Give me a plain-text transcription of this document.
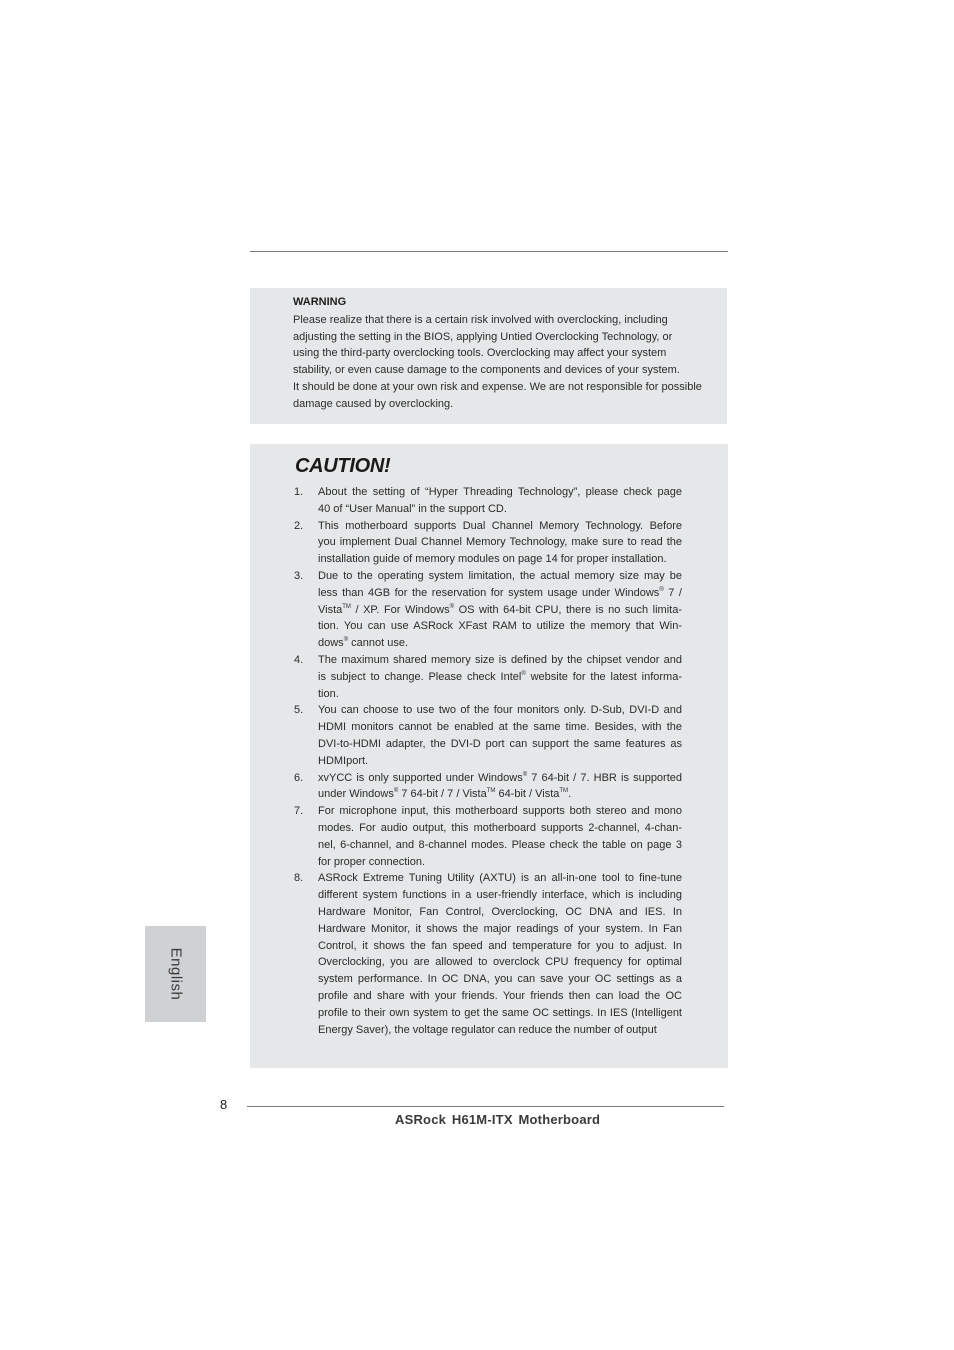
WARNING
Please realize that there is a certain risk involved with overclocking, including
adjusting the setting in the BIOS, applying Untied Overclocking Technology, or
using the third-party overclocking tools. Overclocking may affect your system
stability, or even cause damage to the components and devices of your system.
It should be done at your own risk and expense. We are not responsible for possible
damage caused by overclocking.
CAUTION!
1. About the setting of “Hyper Threading Technology”, please check page
40 of “User Manual” in the support CD.
2. This motherboard supports Dual Channel Memory Technology. Before
you implement Dual Channel Memory Technology, make sure to read the
installation guide of memory modules on page 14 for proper installation.
3. Due to the operating system limitation, the actual memory size may be
less than 4GB for the reservation for system usage under Windows® 7 /
Vista™ / XP. For Windows® OS with 64-bit CPU, there is no such limita-
tion. You can use ASRock XFast RAM to utilize the memory that Win-
dows® cannot use.
4. The maximum shared memory size is defined by the chipset vendor and
is subject to change. Please check Intel® website for the latest informa-
tion.
5. You can choose to use two of the four monitors only. D-Sub, DVI-D and
HDMI monitors cannot be enabled at the same time. Besides, with the
DVI-to-HDMI adapter, the DVI-D port can support the same features as
HDMIport.
6. xvYCC is only supported under Windows® 7 64-bit / 7. HBR is supported
under Windows® 7 64-bit / 7 / Vista™ 64-bit / Vista™.
7. For microphone input, this motherboard supports both stereo and mono
modes. For audio output, this motherboard supports 2-channel, 4-chan-
nel, 6-channel, and 8-channel modes. Please check the table on page 3
for proper connection.
8. ASRock Extreme Tuning Utility (AXTU) is an all-in-one tool to fine-tune
different system functions in a user-friendly interface, which is including
Hardware Monitor, Fan Control, Overclocking, OC DNA and IES. In
Hardware Monitor, it shows the major readings of your system. In Fan
Control, it shows the fan speed and temperature for you to adjust. In
Overclocking, you are allowed to overclock CPU frequency for optimal
system performance. In OC DNA, you can save your OC settings as a
profile and share with your friends. Your friends then can load the OC
profile to their own system to get the same OC settings. In IES (Intelligent
Energy Saver), the voltage regulator can reduce the number of output
English
8
ASRock H61M-ITX Motherboard
